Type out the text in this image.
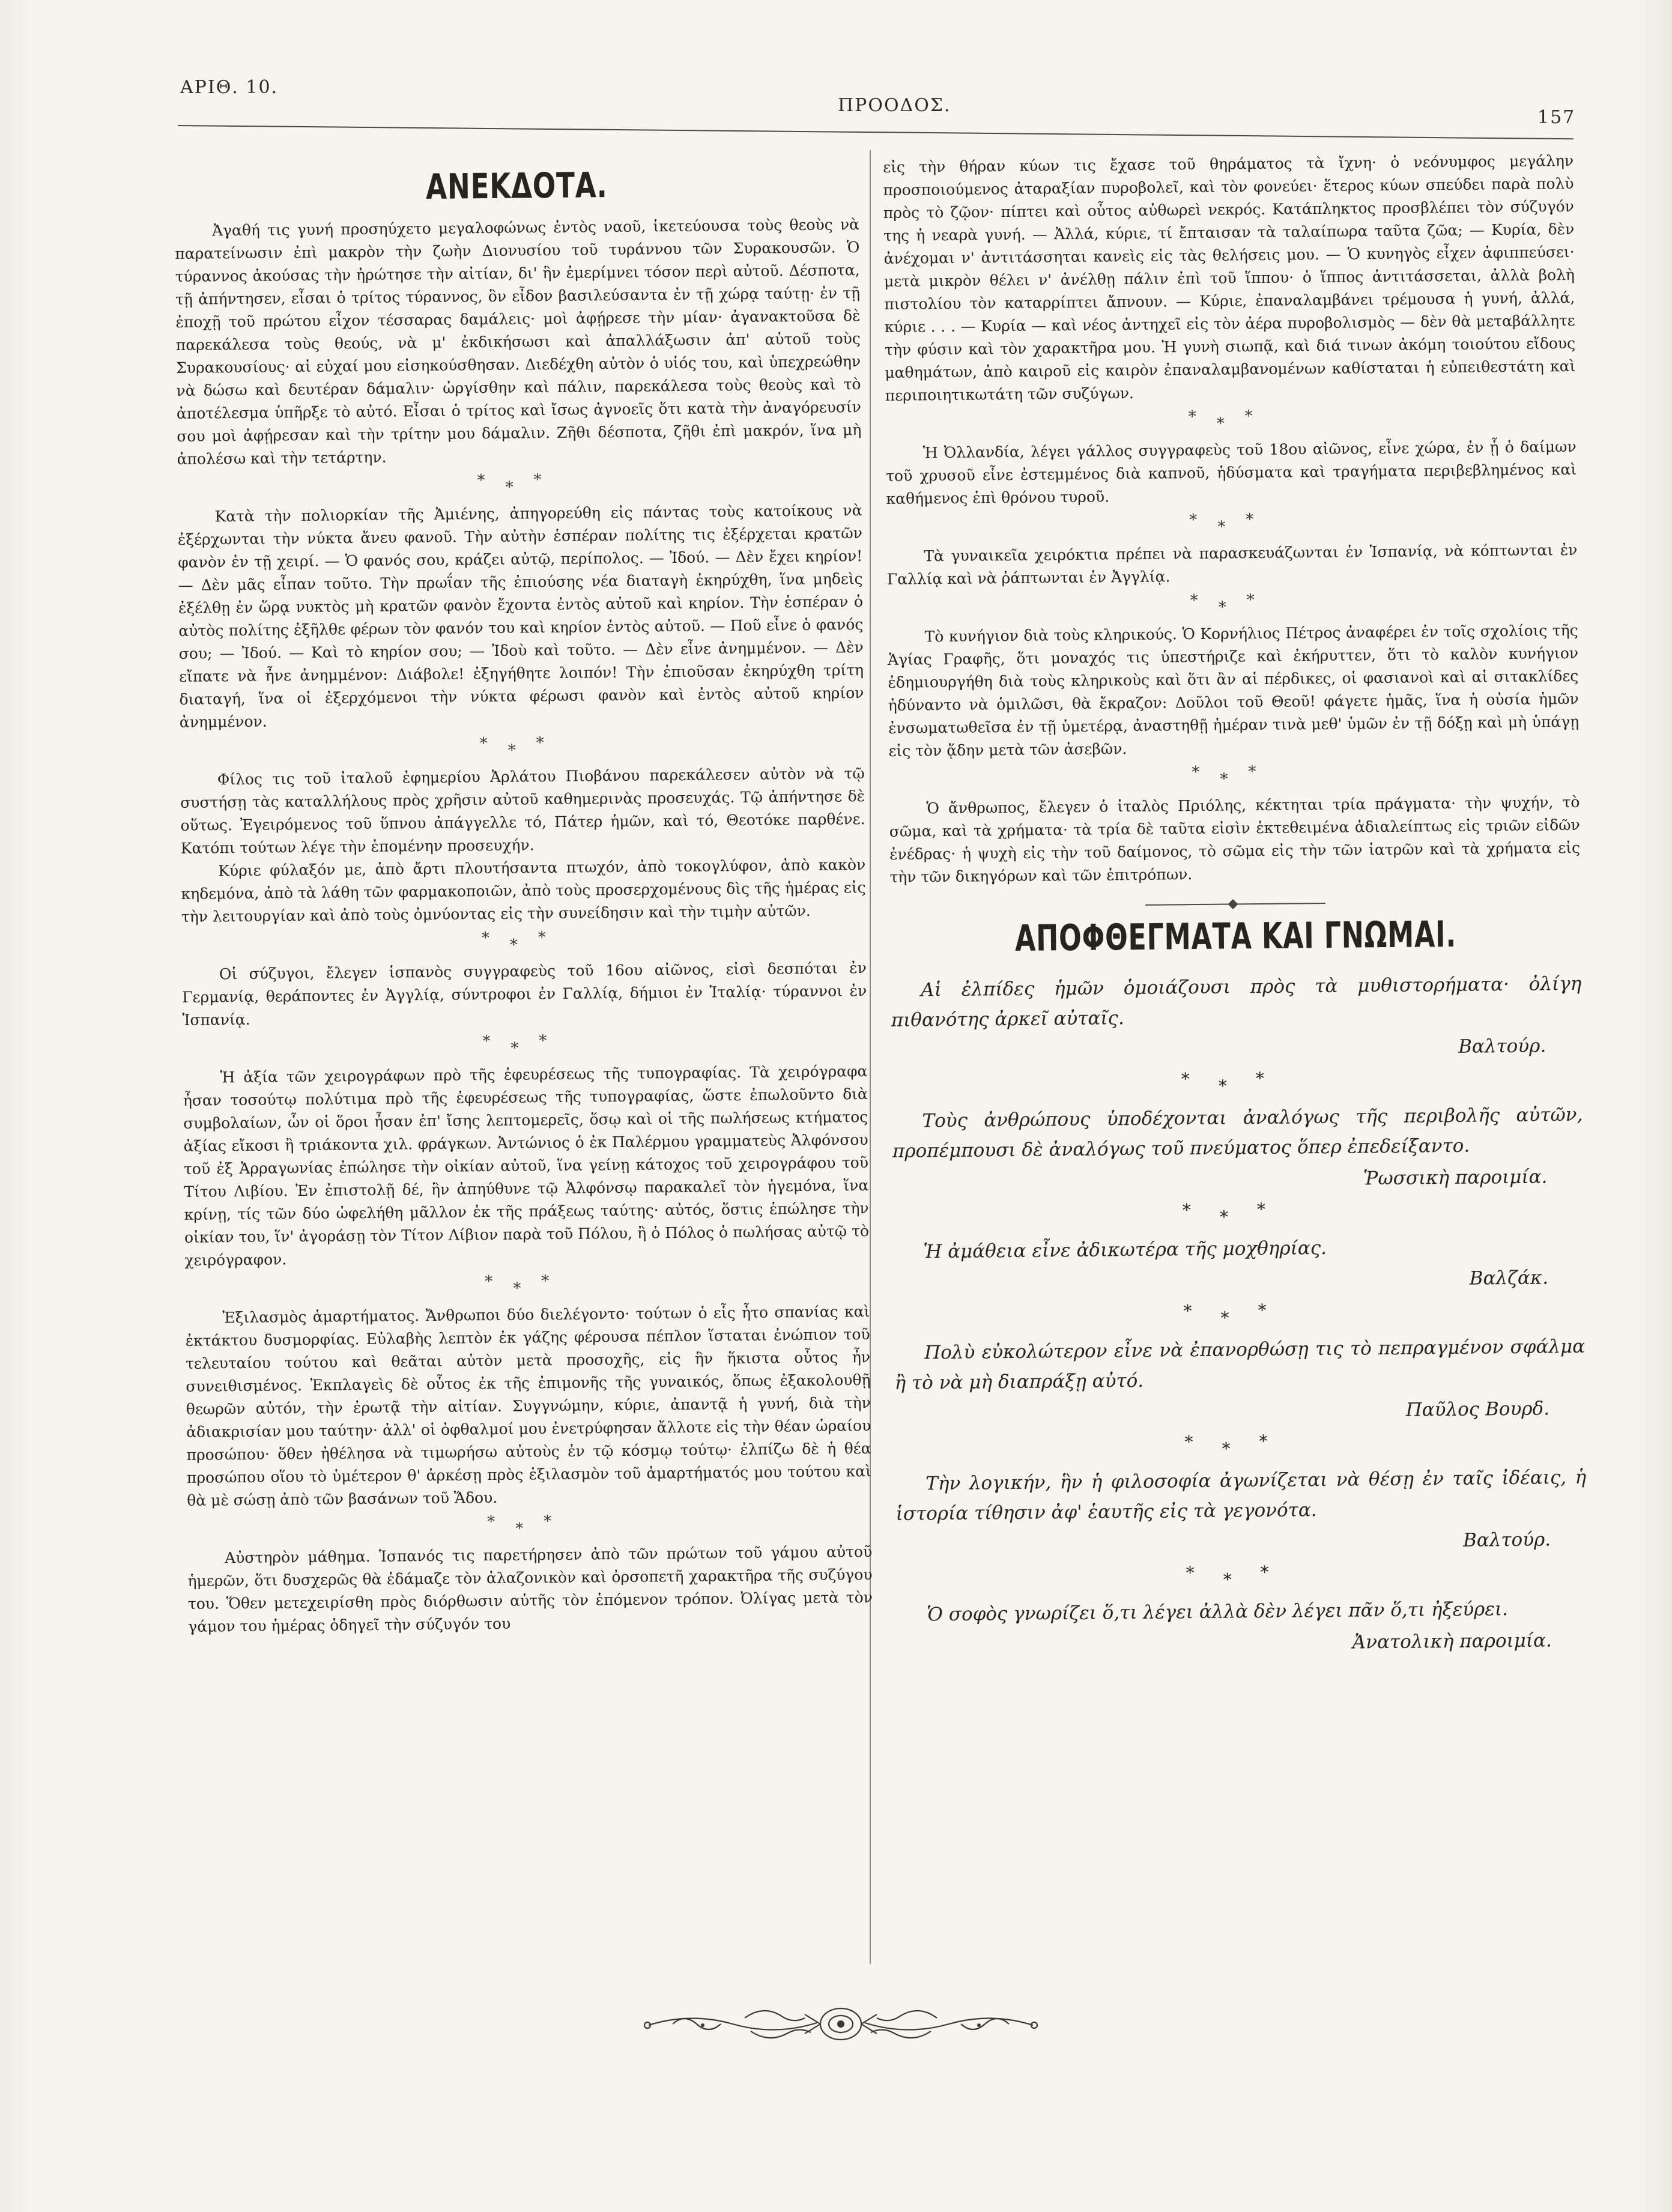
ΑΡΙΘ. 10.
ΠΡΟΟΔΟΣ.
157
ΑΝΕΚΔΟΤΑ.

Ἀγαθή τις γυνή προσηύχετο μεγαλοφώνως ἐντὸς ναοῦ, ἱκετεύουσα τοὺς θεοὺς νὰ παρατείνωσιν ἐπὶ μακρὸν τὴν ζωὴν Διονυσίου τοῦ τυράννου τῶν Συρακουσῶν. Ὁ τύραννος ἀκούσας τὴν ἠρώτησε τὴν αἰτίαν, δι' ἣν ἐμερίμνει τόσον περὶ αὐτοῦ. Δέσποτα, τῇ ἀπήντησεν, εἶσαι ὁ τρίτος τύραννος, ὃν εἶδον βασιλεύσαντα ἐν τῇ χώρᾳ ταύτῃ· ἐν τῇ ἐποχῇ τοῦ πρώτου εἶχον τέσσαρας δαμάλεις· μοὶ ἀφῄρεσε τὴν μίαν· ἀγανακτοῦσα δὲ παρεκάλεσα τοὺς θεούς, νὰ μ' ἐκδικήσωσι καὶ ἀπαλλάξωσιν ἀπ' αὐτοῦ τοὺς Συρακουσίους· αἱ εὐχαί μου εἰσηκούσθησαν. Διεδέχθη αὐτὸν ὁ υἱός του, καὶ ὑπεχρεώθην νὰ δώσω καὶ δευτέραν δάμαλιν· ὠργίσθην καὶ πάλιν, παρεκάλεσα τοὺς θεοὺς καὶ τὸ ἀποτέλεσμα ὑπῆρξε τὸ αὐτό. Εἶσαι ὁ τρίτος καὶ ἴσως ἀγνοεῖς ὅτι κατὰ τὴν ἀναγόρευσίν σου μοὶ ἀφῄρεσαν καὶ τὴν τρίτην μου δάμαλιν. Ζῆθι δέσποτα, ζῆθι ἐπὶ μακρόν, ἵνα μὴ ἀπολέσω καὶ τὴν τετάρτην.

***

Κατὰ τὴν πολιορκίαν τῆς Ἀμιένης, ἀπηγορεύθη εἰς πάντας τοὺς κατοίκους νὰ ἐξέρχωνται τὴν νύκτα ἄνευ φανοῦ. Τὴν αὐτὴν ἑσπέραν πολίτης τις ἐξέρχεται κρατῶν φανὸν ἐν τῇ χειρί. — Ὁ φανός σου, κράζει αὐτῷ, περίπολος. — Ἰδού. — Δὲν ἔχει κηρίον! — Δὲν μᾶς εἶπαν τοῦτο. Τὴν πρωΐαν τῆς ἐπιούσης νέα διαταγὴ ἐκηρύχθη, ἵνα μηδεὶς ἐξέλθῃ ἐν ὥρᾳ νυκτὸς μὴ κρατῶν φανὸν ἔχοντα ἐντὸς αὐτοῦ καὶ κηρίον. Τὴν ἑσπέραν ὁ αὐτὸς πολίτης ἐξῆλθε φέρων τὸν φανόν του καὶ κηρίον ἐντὸς αὐτοῦ. — Ποῦ εἶνε ὁ φανός σου; — Ἰδού. — Καὶ τὸ κηρίον σου; — Ἰδοὺ καὶ τοῦτο. — Δὲν εἶνε ἀνημμένον. — Δὲν εἴπατε νὰ ἦνε ἀνημμένον: Διάβολε! ἐξηγήθητε λοιπόν! Τὴν ἐπιοῦσαν ἐκηρύχθη τρίτη διαταγή, ἵνα οἱ ἐξερχόμενοι τὴν νύκτα φέρωσι φανὸν καὶ ἐντὸς αὐτοῦ κηρίον ἀνημμένον.

***

Φίλος τις τοῦ ἰταλοῦ ἐφημερίου Ἀρλάτου Πιοβάνου παρεκάλεσεν αὐτὸν νὰ τῷ συστήσῃ τὰς καταλλήλους πρὸς χρῆσιν αὐτοῦ καθημερινὰς προσευχάς. Τῷ ἀπήντησε δὲ οὕτως. Ἐγειρόμενος τοῦ ὕπνου ἀπάγγελλε τό, Πάτερ ἡμῶν, καὶ τό, Θεοτόκε παρθένε. Κατόπι τούτων λέγε τὴν ἑπομένην προσευχήν.

Κύριε φύλαξόν με, ἀπὸ ἄρτι πλουτήσαντα πτωχόν, ἀπὸ τοκογλύφον, ἀπὸ κακὸν κηδεμόνα, ἀπὸ τὰ λάθη τῶν φαρμακοποιῶν, ἀπὸ τοὺς προσερχομένους δὶς τῆς ἡμέρας εἰς τὴν λειτουργίαν καὶ ἀπὸ τοὺς ὀμνύοντας εἰς τὴν συνείδησιν καὶ τὴν τιμὴν αὐτῶν.

***

Οἱ σύζυγοι, ἔλεγεν ἱσπανὸς συγγραφεὺς τοῦ 16ου αἰῶνος, εἰσὶ δεσπόται ἐν Γερμανίᾳ, θεράποντες ἐν Ἀγγλίᾳ, σύντροφοι ἐν Γαλλίᾳ, δήμιοι ἐν Ἰταλίᾳ· τύραννοι ἐν Ἱσπανίᾳ.

***

Ἡ ἀξία τῶν χειρογράφων πρὸ τῆς ἐφευρέσεως τῆς τυπογραφίας. Τὰ χειρόγραφα ἦσαν τοσούτῳ πολύτιμα πρὸ τῆς ἐφευρέσεως τῆς τυπογραφίας, ὥστε ἐπωλοῦντο διὰ συμβολαίων, ὧν οἱ ὅροι ἦσαν ἐπ' ἴσης λεπτομερεῖς, ὅσῳ καὶ οἱ τῆς πωλήσεως κτήματος ἀξίας εἴκοσι ἢ τριάκοντα χιλ. φράγκων. Ἀντώνιος ὁ ἐκ Παλέρμου γραμματεὺς Ἀλφόνσου τοῦ ἐξ Ἀρραγωνίας ἐπώλησε τὴν οἰκίαν αὐτοῦ, ἵνα γείνῃ κάτοχος τοῦ χειρογράφου τοῦ Τίτου Λιβίου. Ἐν ἐπιστολῇ δέ, ἣν ἀπηύθυνε τῷ Ἀλφόνσῳ παρακαλεῖ τὸν ἡγεμόνα, ἵνα κρίνῃ, τίς τῶν δύο ὠφελήθη μᾶλλον ἐκ τῆς πράξεως ταύτης· αὐτός, ὅστις ἐπώλησε τὴν οἰκίαν του, ἵν' ἀγοράσῃ τὸν Τίτον Λίβιον παρὰ τοῦ Πόλου, ἢ ὁ Πόλος ὁ πωλήσας αὐτῷ τὸ χειρόγραφον.

***

Ἐξιλασμὸς ἁμαρτήματος. Ἄνθρωποι δύο διελέγοντο· τούτων ὁ εἷς ἦτο σπανίας καὶ ἐκτάκτου δυσμορφίας. Εὐλαβὴς λεπτὸν ἐκ γάζης φέρουσα πέπλον ἵσταται ἐνώπιον τοῦ τελευταίου τούτου καὶ θεᾶται αὐτὸν μετὰ προσοχῆς, εἰς ἣν ἥκιστα οὗτος ἦν συνειθισμένος. Ἐκπλαγεὶς δὲ οὗτος ἐκ τῆς ἐπιμονῆς τῆς γυναικός, ὅπως ἐξακολουθῇ θεωρῶν αὐτόν, τὴν ἐρωτᾷ τὴν αἰτίαν. Συγγνώμην, κύριε, ἀπαντᾷ ἡ γυνή, διὰ τὴν ἀδιακρισίαν μου ταύτην· ἀλλ' οἱ ὀφθαλμοί μου ἐνετρύφησαν ἄλλοτε εἰς τὴν θέαν ὡραίου προσώπου· ὅθεν ἠθέλησα νὰ τιμωρήσω αὐτοὺς ἐν τῷ κόσμῳ τούτῳ· ἐλπίζω δὲ ἡ θέα προσώπου οἵου τὸ ὑμέτερον θ' ἀρκέσῃ πρὸς ἐξιλασμὸν τοῦ ἁμαρτήματός μου τούτου καὶ θὰ μὲ σώσῃ ἀπὸ τῶν βασάνων τοῦ Ἅδου.

***

Αὐστηρὸν μάθημα. Ἱσπανός τις παρετήρησεν ἀπὸ τῶν πρώτων τοῦ γάμου αὐτοῦ ἡμερῶν, ὅτι δυσχερῶς θὰ ἐδάμαζε τὸν ἀλαζονικὸν καὶ ὀρσοπετῆ χαρακτῆρα τῆς συζύγου του. Ὅθεν μετεχειρίσθη πρὸς διόρθωσιν αὐτῆς τὸν ἑπόμενον τρόπον. Ὀλίγας μετὰ τὸν γάμον του ἡμέρας ὁδηγεῖ τὴν σύζυγόν του

εἰς τὴν θήραν κύων τις ἔχασε τοῦ θηράματος τὰ ἴχνη· ὁ νεόνυμφος μεγάλην προσποιούμενος ἀταραξίαν πυροβολεῖ, καὶ τὸν φονεύει· ἕτερος κύων σπεύδει παρὰ πολὺ πρὸς τὸ ζῷον· πίπτει καὶ οὗτος αὐθωρεὶ νεκρός. Κατάπληκτος προσβλέπει τὸν σύζυγόν της ἡ νεαρὰ γυνή. — Ἀλλά, κύριε, τί ἔπταισαν τὰ ταλαίπωρα ταῦτα ζῶα; — Κυρία, δὲν ἀνέχομαι ν' ἀντιτάσσηται κανεὶς εἰς τὰς θελήσεις μου. — Ὁ κυνηγὸς εἶχεν ἀφιππεύσει· μετὰ μικρὸν θέλει ν' ἀνέλθῃ πάλιν ἐπὶ τοῦ ἵππου· ὁ ἵππος ἀντιτάσσεται, ἀλλὰ βολὴ πιστολίου τὸν καταρρίπτει ἄπνουν. — Κύριε, ἐπαναλαμβάνει τρέμουσα ἡ γυνή, ἀλλά, κύριε . . . — Κυρία — καὶ νέος ἀντηχεῖ εἰς τὸν ἀέρα πυροβολισμὸς — δὲν θὰ μεταβάλλητε τὴν φύσιν καὶ τὸν χαρακτῆρα μου. Ἡ γυνὴ σιωπᾷ, καὶ διά τινων ἀκόμη τοιούτου εἴδους μαθημάτων, ἀπὸ καιροῦ εἰς καιρὸν ἐπαναλαμβανομένων καθίσταται ἡ εὐπειθεστάτη καὶ περιποιητικωτάτη τῶν συζύγων.

***

Ἡ Ὀλλανδία, λέγει γάλλος συγγραφεὺς τοῦ 18ου αἰῶνος, εἶνε χώρα, ἐν ᾗ ὁ δαίμων τοῦ χρυσοῦ εἶνε ἐστεμμένος διὰ καπνοῦ, ἡδύσματα καὶ τραγήματα περιβεβλημένος καὶ καθήμενος ἐπὶ θρόνου τυροῦ.

***

Τὰ γυναικεῖα χειρόκτια πρέπει νὰ παρασκευάζωνται ἐν Ἱσπανίᾳ, νὰ κόπτωνται ἐν Γαλλίᾳ καὶ νὰ ῥάπτωνται ἐν Ἀγγλίᾳ.

***

Τὸ κυνήγιον διὰ τοὺς κληρικούς. Ὁ Κορνήλιος Πέτρος ἀναφέρει ἐν τοῖς σχολίοις τῆς Ἁγίας Γραφῆς, ὅτι μοναχός τις ὑπεστήριζε καὶ ἐκήρυττεν, ὅτι τὸ καλὸν κυνήγιον ἐδημιουργήθη διὰ τοὺς κληρικοὺς καὶ ὅτι ἂν αἱ πέρδικες, οἱ φασιανοὶ καὶ αἱ σιτακλίδες ἠδύναντο νὰ ὁμιλῶσι, θὰ ἔκραζον: Δοῦλοι τοῦ Θεοῦ! φάγετε ἡμᾶς, ἵνα ἡ οὐσία ἡμῶν ἐνσωματωθεῖσα ἐν τῇ ὑμετέρᾳ, ἀναστηθῇ ἡμέραν τινὰ μεθ' ὑμῶν ἐν τῇ δόξῃ καὶ μὴ ὑπάγῃ εἰς τὸν ᾅδην μετὰ τῶν ἀσεβῶν.

***

Ὁ ἄνθρωπος, ἔλεγεν ὁ ἰταλὸς Πριόλης, κέκτηται τρία πράγματα· τὴν ψυχήν, τὸ σῶμα, καὶ τὰ χρήματα· τὰ τρία δὲ ταῦτα εἰσὶν ἐκτεθειμένα ἀδιαλείπτως εἰς τριῶν εἰδῶν ἐνέδρας· ἡ ψυχὴ εἰς τὴν τοῦ δαίμονος, τὸ σῶμα εἰς τὴν τῶν ἰατρῶν καὶ τὰ χρήματα εἰς τὴν τῶν δικηγόρων καὶ τῶν ἐπιτρόπων.

ΑΠΟΦΘΕΓΜΑΤΑ ΚΑΙ ΓΝΩΜΑΙ.

Αἱ ἐλπίδες ἡμῶν ὁμοιάζουσι πρὸς τὰ μυθιστορήματα· ὀλίγη πιθανότης ἀρκεῖ αὐταῖς.

Βαλτούρ.
***

Τοὺς ἀνθρώπους ὑποδέχονται ἀναλόγως τῆς περιβολῆς αὐτῶν, προπέμπουσι δὲ ἀναλόγως τοῦ πνεύματος ὅπερ ἐπεδείξαντο.

Ῥωσσικὴ παροιμία.
***

Ἡ ἀμάθεια εἶνε ἀδικωτέρα τῆς μοχθηρίας.

Βαλζάκ.
***

Πολὺ εὐκολώτερον εἶνε νὰ ἐπανορθώσῃ τις τὸ πεπραγμένον σφάλμα ἢ τὸ νὰ μὴ διαπράξῃ αὐτό.

Παῦλος Βουρδ.
***

Τὴν λογικήν, ἣν ἡ φιλοσοφία ἀγωνίζεται νὰ θέσῃ ἐν ταῖς ἰδέαις, ἡ ἱστορία τίθησιν ἀφ' ἑαυτῆς εἰς τὰ γεγονότα.

Βαλτούρ.
***

Ὁ σοφὸς γνωρίζει ὅ,τι λέγει ἀλλὰ δὲν λέγει πᾶν ὅ,τι ἠξεύρει.

Ἀνατολικὴ παροιμία.
